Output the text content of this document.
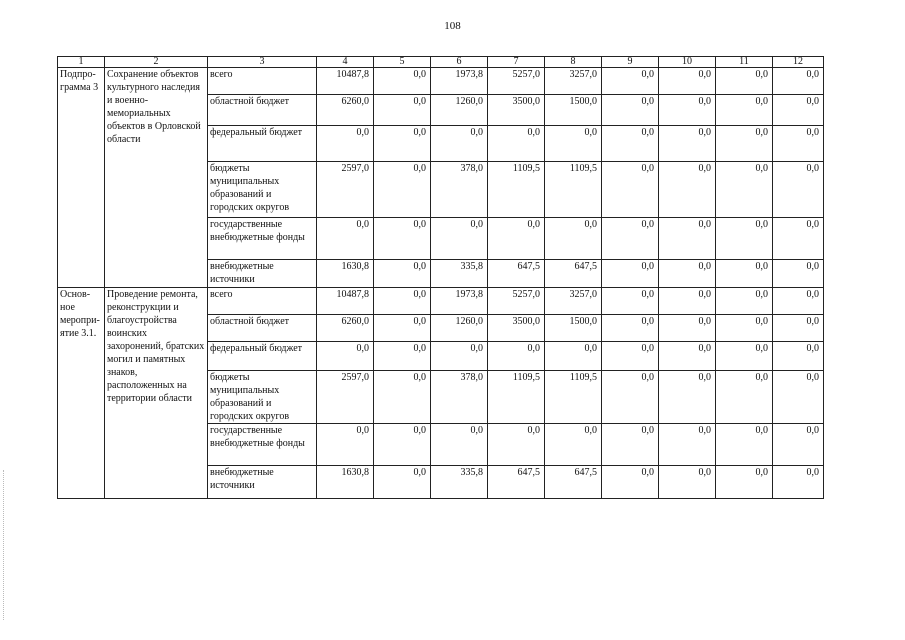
108
1	2	3	4	5	6	7	8	9	10	11	12
Подпро-грамма 3	Сохранение объектов культурного наследия и военно-мемориальных объектов в Орловской области	всего	10487,8	0,0	1973,8	5257,0	3257,0	0,0	0,0	0,0	0,0
		областной бюджет	6260,0	0,0	1260,0	3500,0	1500,0	0,0	0,0	0,0	0,0
		федеральный бюджет	0,0	0,0	0,0	0,0	0,0	0,0	0,0	0,0	0,0
		бюджеты муниципальных образований и городских округов	2597,0	0,0	378,0	1109,5	1109,5	0,0	0,0	0,0	0,0
		государственные внебюджетные фонды	0,0	0,0	0,0	0,0	0,0	0,0	0,0	0,0	0,0
		внебюджетные источники	1630,8	0,0	335,8	647,5	647,5	0,0	0,0	0,0	0,0
Основ-ное меропри-ятие 3.1.	Проведение ремонта, реконструкции и благоустройства воинских захоронений, братских могил и памятных знаков, расположенных на территории области	всего	10487,8	0,0	1973,8	5257,0	3257,0	0,0	0,0	0,0	0,0
		областной бюджет	6260,0	0,0	1260,0	3500,0	1500,0	0,0	0,0	0,0	0,0
		федеральный бюджет	0,0	0,0	0,0	0,0	0,0	0,0	0,0	0,0	0,0
		бюджеты муниципальных образований и городских округов	2597,0	0,0	378,0	1109,5	1109,5	0,0	0,0	0,0	0,0
		государственные внебюджетные фонды	0,0	0,0	0,0	0,0	0,0	0,0	0,0	0,0	0,0
		внебюджетные источники	1630,8	0,0	335,8	647,5	647,5	0,0	0,0	0,0	0,0
